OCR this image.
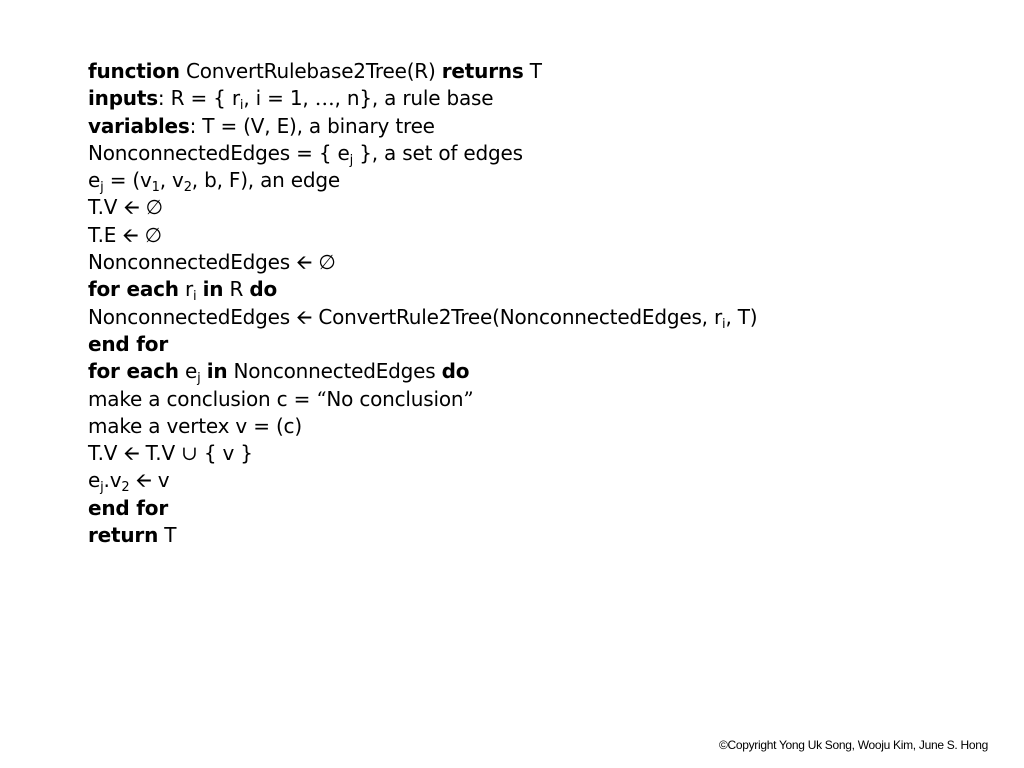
function ConvertRulebase2Tree(R) returns T
inputs: R = { $r_i$, i = 1, …, n}, a rule base
variables: T = (V, E), a binary tree
NonconnectedEdges = { $e_j$ }, a set of edges
$e_j = (v_1$, $v_2$, b, F), an edge
T.V 🡨 ∅
T.E 🡨 ∅
NonconnectedEdges 🡨 ∅
for each $r_i$ in R do
NonconnectedEdges 🡨 ConvertRule2Tree(NonconnectedEdges, $r_i$, T)
end for
for each $e_j$ in NonconnectedEdges do
make a conclusion c = “No conclusion”
make a vertex v = (c)
T.V 🡨 T.V ∪ { v }
$e_j.v_2$ 🡨 v
end for
return T
©Copyright Yong Uk Song, Wooju Kim, June S. Hong
